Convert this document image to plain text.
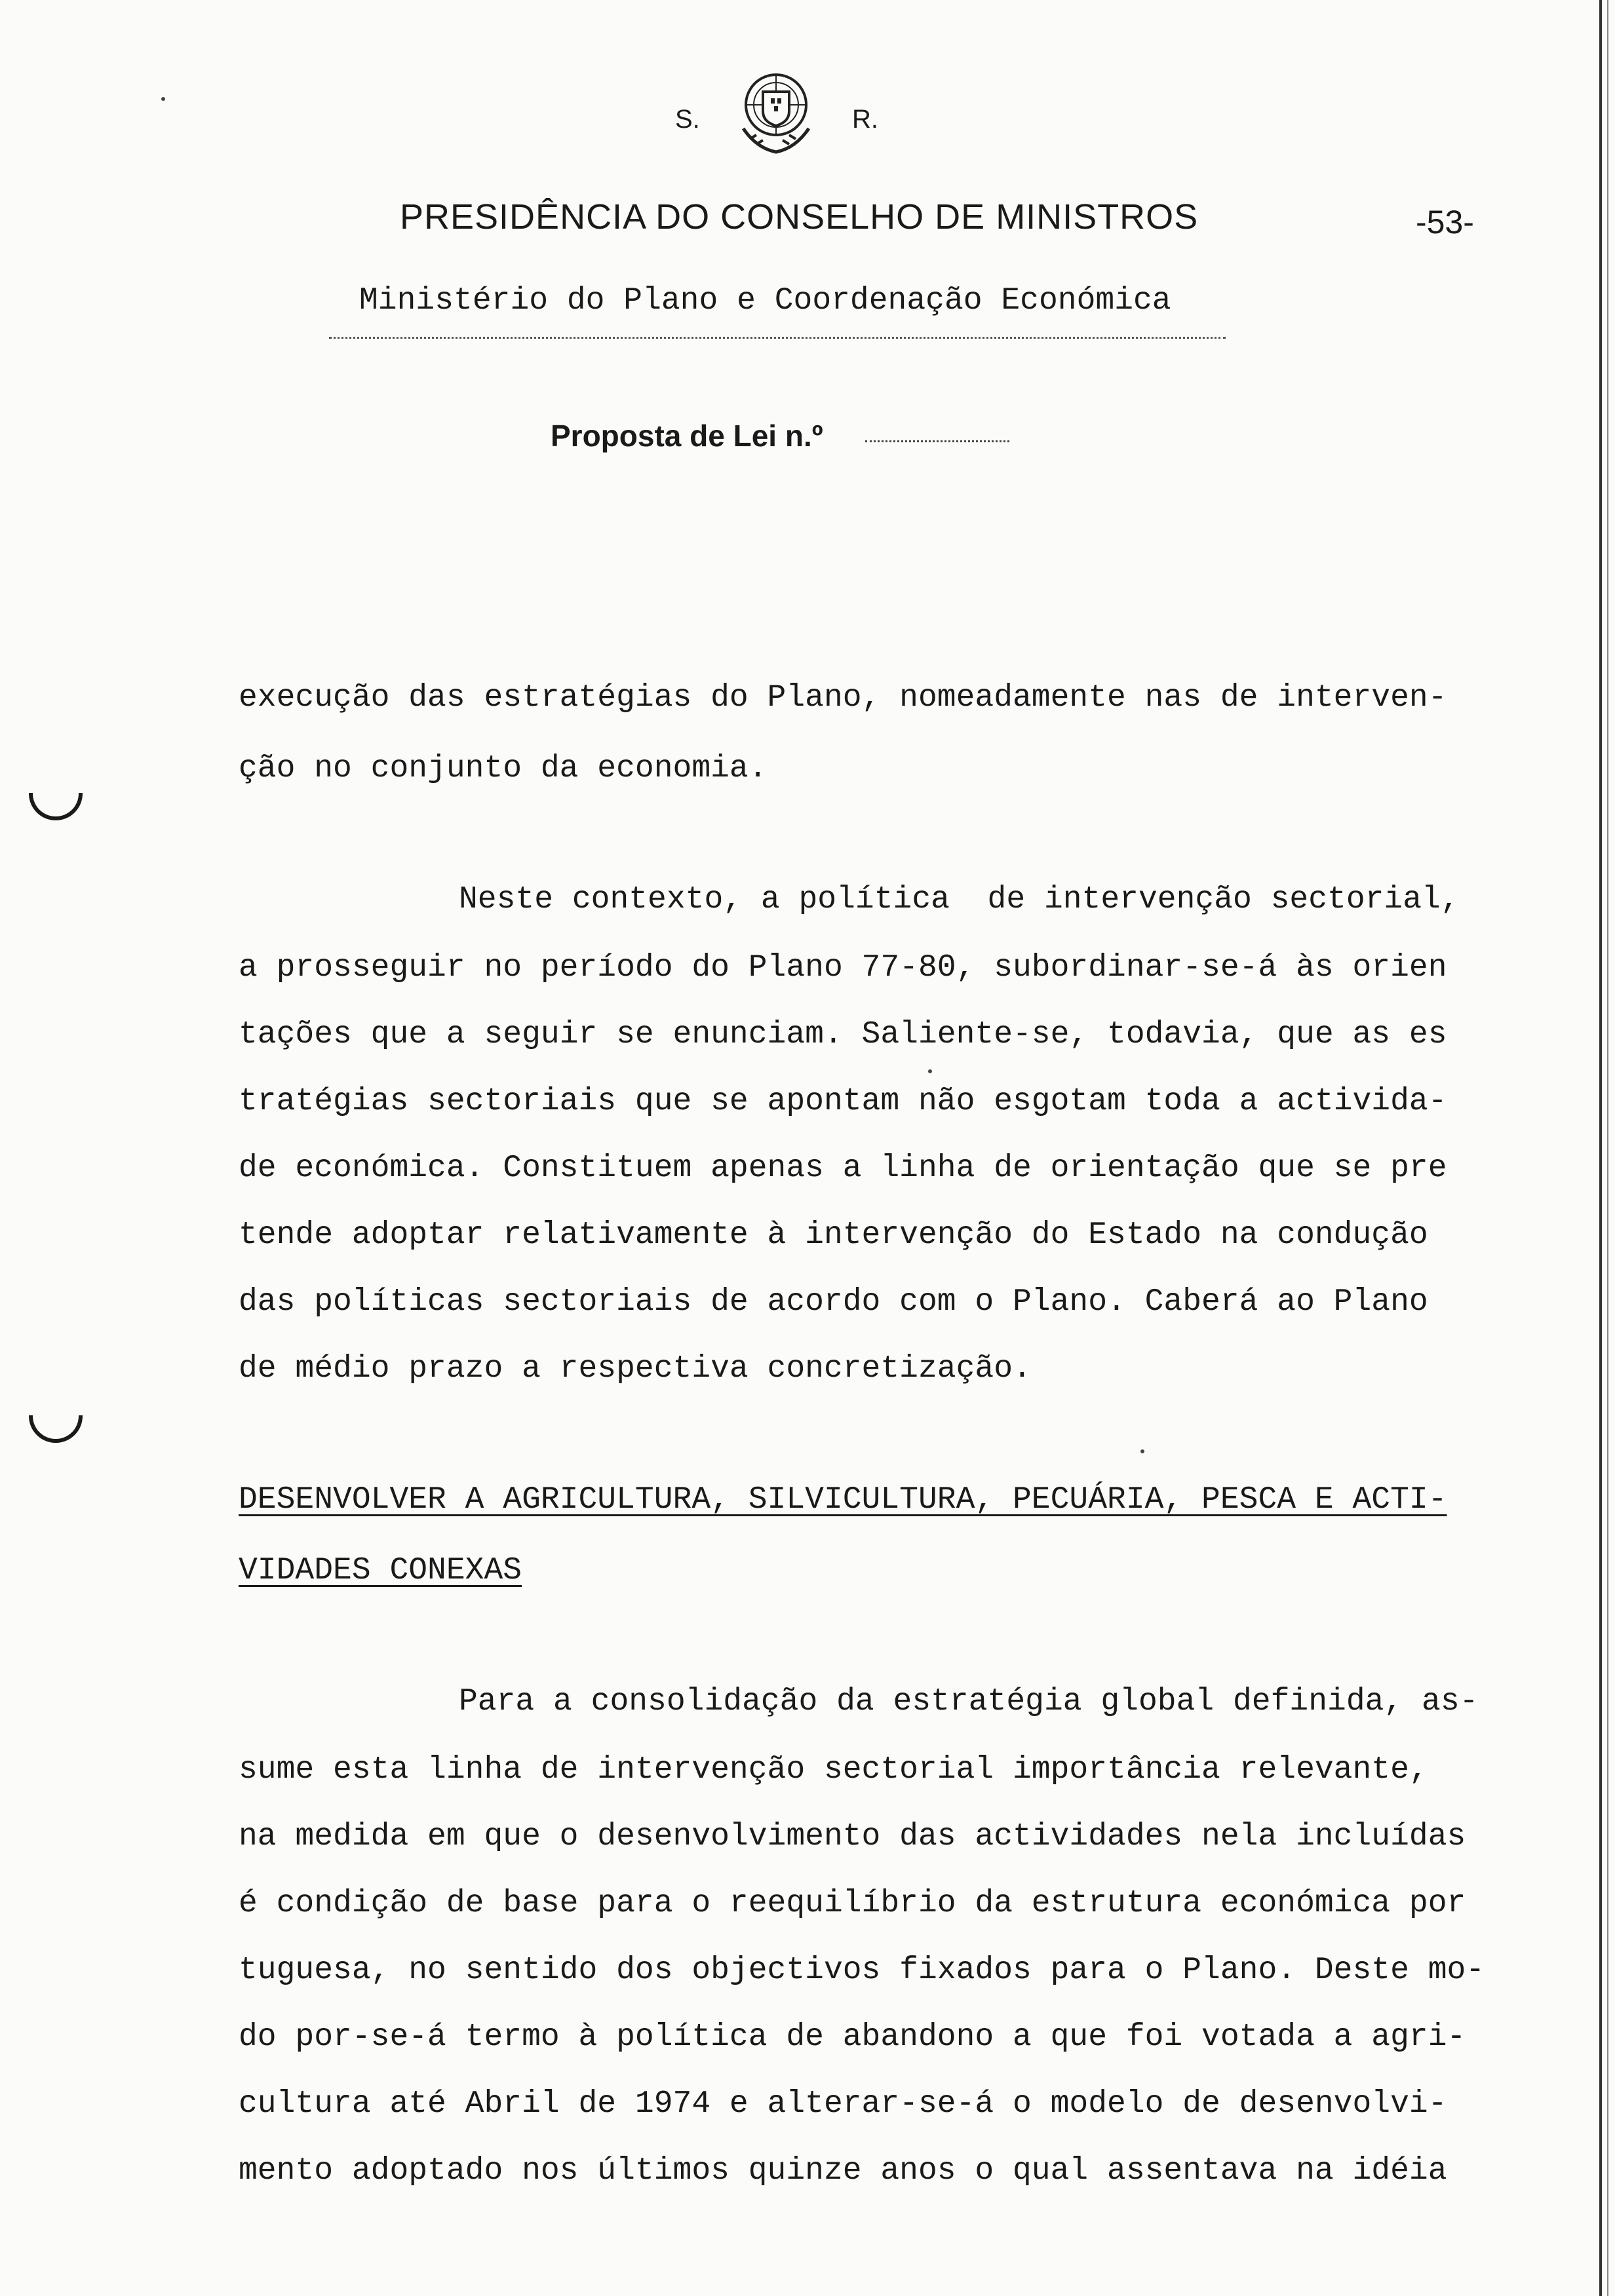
S.	R.
PRESIDÊNCIA DO CONSELHO DE MINISTROS	-53-
Ministério do Plano e Coordenação Económica
Proposta de Lei n.º
execução das estratégias do Plano, nomeadamente nas de interven-
ção no conjunto da economia.
Neste contexto, a política  de intervenção sectorial,
a prosseguir no período do Plano 77-80, subordinar-se-á às orien
tações que a seguir se enunciam. Saliente-se, todavia, que as es
tratégias sectoriais que se apontam não esgotam toda a activida-
de económica. Constituem apenas a linha de orientação que se pre
tende adoptar relativamente à intervenção do Estado na condução
das políticas sectoriais de acordo com o Plano. Caberá ao Plano
de médio prazo a respectiva concretização.
DESENVOLVER A AGRICULTURA, SILVICULTURA, PECUÁRIA, PESCA E ACTI-
VIDADES CONEXAS
Para a consolidação da estratégia global definida, as-
sume esta linha de intervenção sectorial importância relevante,
na medida em que o desenvolvimento das actividades nela incluídas
é condição de base para o reequilíbrio da estrutura económica por
tuguesa, no sentido dos objectivos fixados para o Plano. Deste mo-
do por-se-á termo à política de abandono a que foi votada a agri-
cultura até Abril de 1974 e alterar-se-á o modelo de desenvolvi-
mento adoptado nos últimos quinze anos o qual assentava na idéia
